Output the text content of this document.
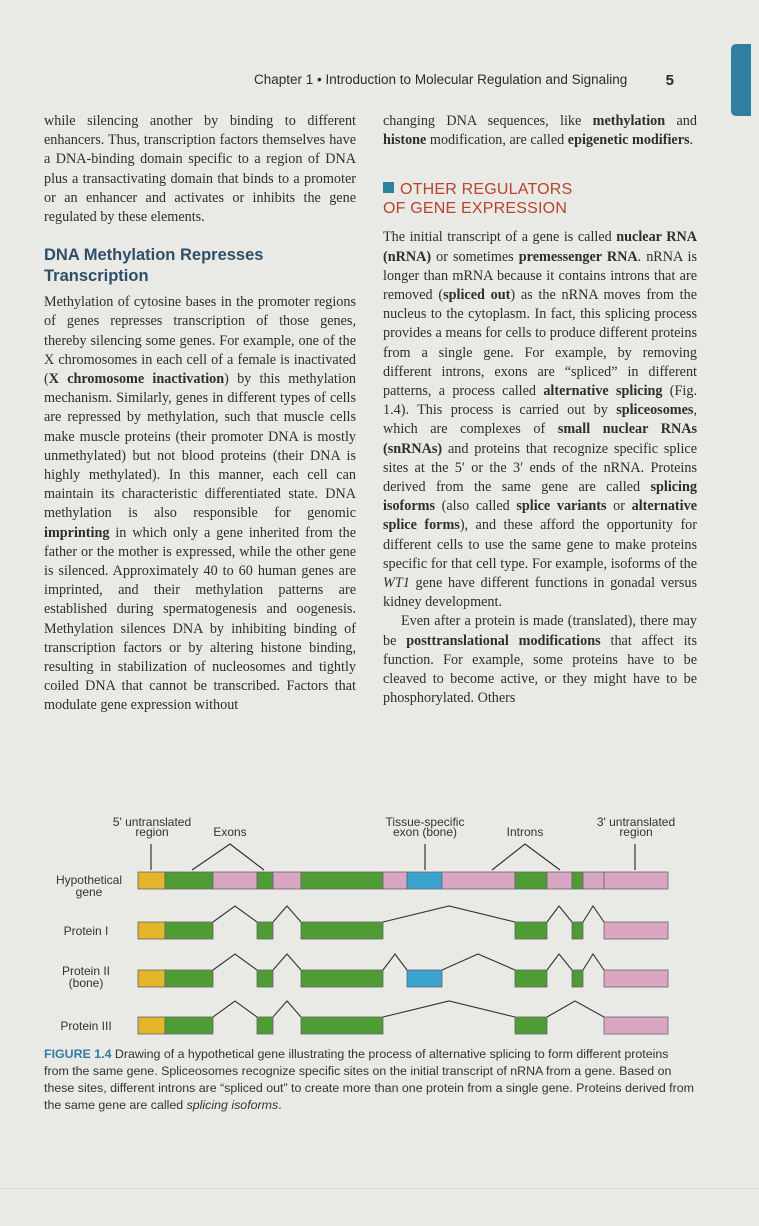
Chapter 1 • Introduction to Molecular Regulation and Signaling	5

while silencing another by binding to different enhancers. Thus, transcription factors themselves have a DNA-binding domain specific to a region of DNA plus a transactivating domain that binds to a promoter or an enhancer and activates or inhibits the gene regulated by these elements.

DNA Methylation Represses Transcription

Methylation of cytosine bases in the promoter regions of genes represses transcription of those genes, thereby silencing some genes. For example, one of the X chromosomes in each cell of a female is inactivated (X chromosome inactivation) by this methylation mechanism. Similarly, genes in different types of cells are repressed by methylation, such that muscle cells make muscle proteins (their promoter DNA is mostly unmethylated) but not blood proteins (their DNA is highly methylated). In this manner, each cell can maintain its characteristic differentiated state. DNA methylation is also responsible for genomic imprinting in which only a gene inherited from the father or the mother is expressed, while the other gene is silenced. Approximately 40 to 60 human genes are imprinted, and their methylation patterns are established during spermatogenesis and oogenesis. Methylation silences DNA by inhibiting binding of transcription factors or by altering histone binding, resulting in stabilization of nucleosomes and tightly coiled DNA that cannot be transcribed. Factors that modulate gene expression without

changing DNA sequences, like methylation and histone modification, are called epigenetic modifiers.

OTHER REGULATORS
OF GENE EXPRESSION

The initial transcript of a gene is called nuclear RNA (nRNA) or sometimes premessenger RNA. nRNA is longer than mRNA because it contains introns that are removed (spliced out) as the nRNA moves from the nucleus to the cytoplasm. In fact, this splicing process provides a means for cells to produce different proteins from a single gene. For example, by removing different introns, exons are “spliced” in different patterns, a process called alternative splicing (Fig. 1.4). This process is carried out by spliceosomes, which are complexes of small nuclear RNAs (snRNAs) and proteins that recognize specific splice sites at the 5′ or the 3′ ends of the nRNA. Proteins derived from the same gene are called splicing isoforms (also called splice variants or alternative splice forms), and these afford the opportunity for different cells to use the same gene to make proteins specific for that cell type. For example, isoforms of the WT1 gene have different functions in gonadal versus kidney development.

Even after a protein is made (translated), there may be posttranslational modifications that affect its function. For example, some proteins have to be cleaved to become active, or they might have to be phosphorylated. Others

5' untranslated
region	Exons
Tissue-specific
exon (bone)	Introns
3' untranslated
region
Hypothetical
gene
Protein I
Protein II
(bone)
Protein III
FIGURE 1.4 Drawing of a hypothetical gene illustrating the process of alternative splicing to form different proteins from the same gene. Spliceosomes recognize specific sites on the initial transcript of nRNA from a gene. Based on these sites, different introns are “spliced out” to create more than one protein from a single gene. Proteins derived from the same gene are called splicing isoforms.
